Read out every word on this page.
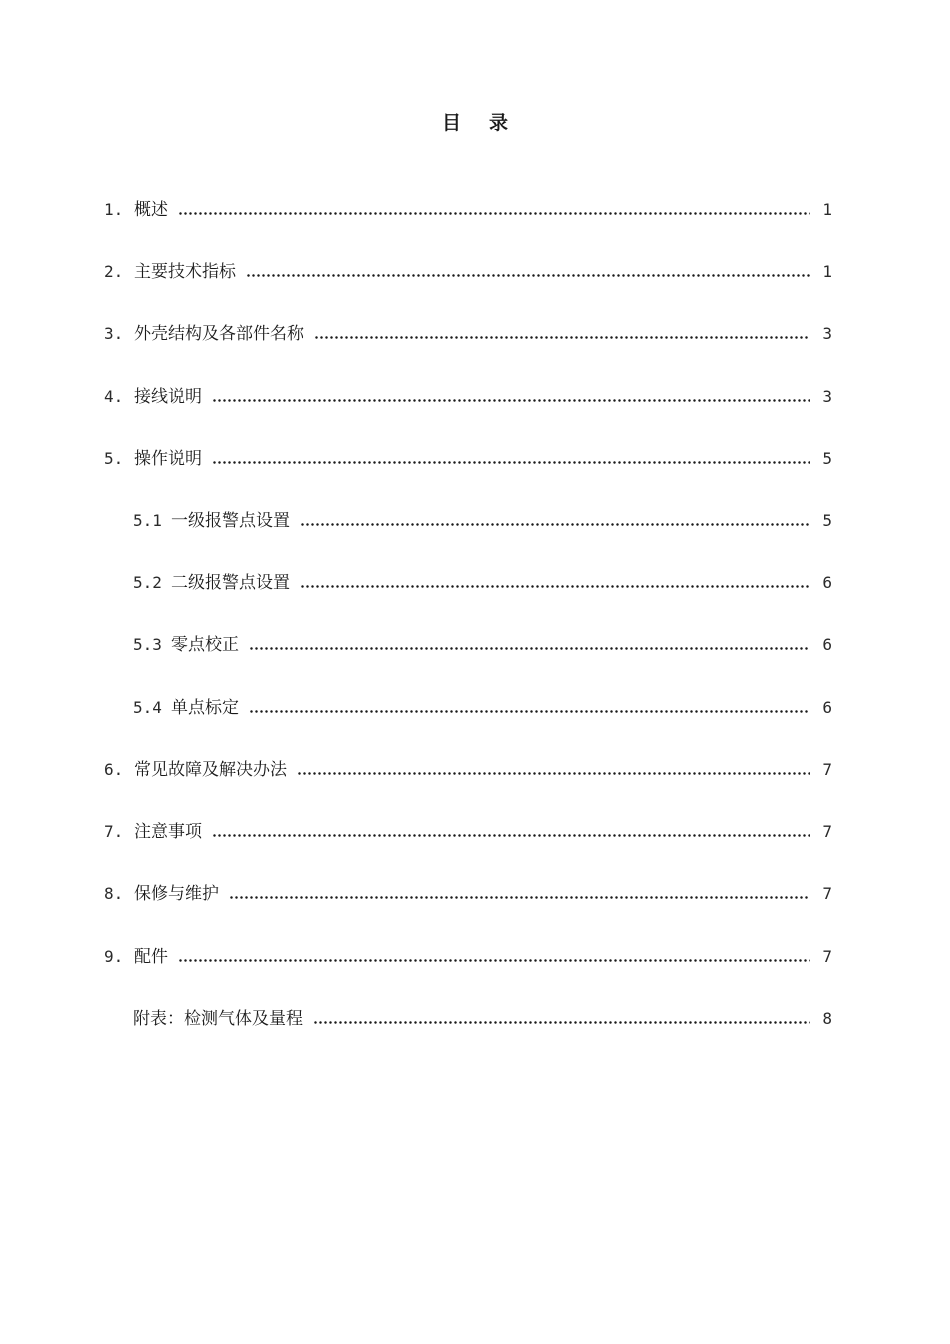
目 录
1. 概述	1
2. 主要技术指标	1
3. 外壳结构及各部件名称	3
4. 接线说明	3
5. 操作说明	5
5.1 一级报警点设置	5
5.2 二级报警点设置	6
5.3 零点校正	6
5.4 单点标定	6
6. 常见故障及解决办法	7
7. 注意事项	7
8. 保修与维护	7
9. 配件	7
附表：检测气体及量程	8
